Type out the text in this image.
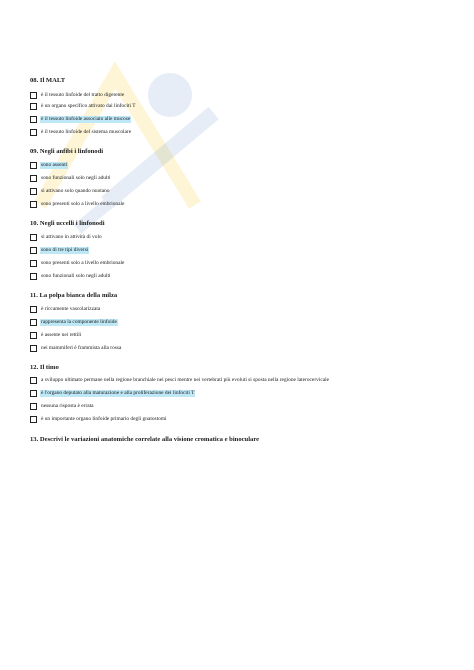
08. Il MALT
è il tessuto linfoide del tratto digerente
è un organo specifico attivato dai linfociti T
è il tessuto linfoide associato alle mucose
è il tessuto linfoide del sistema muscolare
09. Negli anfibi i linfonodi
sono assenti
sono funzionali solo negli adulti
si attivano solo quando nuotano
sono presenti solo a livello embrionale
10. Negli uccelli i linfonodi
si attivano in attività di volo
sono di tre tipi diversi
sono presenti solo a livello embrionale
sono funzionali solo negli adulti
11. La polpa bianca della milza
è riccamente vascolarizzata
rappresenta la componente linfoide
è assente nei rettili
nei mammiferi è frammista alla rossa
12. Il timo
a sviluppo ultimato permane nella regione branchiale nei pesci mentre nei vertebrati più evoluti si sposta nella regione laterocervicale
è l'organo deputato alla maturazione e alla proliferazione dei linfociti T
nessuna risposta è errata
è un importante organo linfoide primario degli gnatostomi
13. Descrivi le variazioni anatomiche correlate alla visione cromatica e binoculare
